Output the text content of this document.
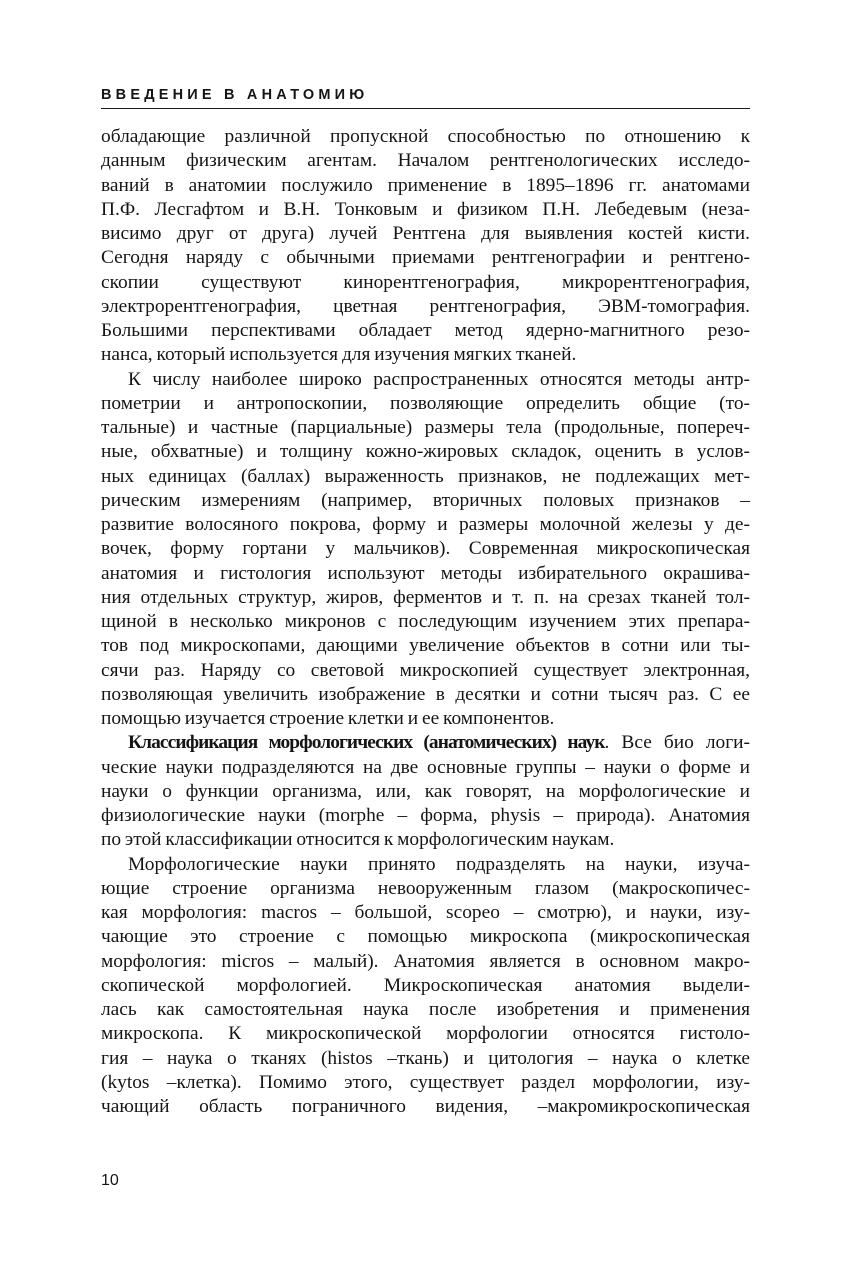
ВВЕДЕНИЕ В АНАТОМИЮ
обладающие различной пропускной способностью по отношению к
данным физическим агентам. Началом рентгенологических исследо-
ваний в анатомии послужило применение в 1895–1896 гг. анатомами
П.Ф. Лесгафтом и В.Н. Тонковым и физиком П.Н. Лебедевым (неза-
висимо друг от друга) лучей Рентгена для выявления костей кисти.
Сегодня наряду с обычными приемами рентгенографии и рентгено-
скопии существуют кинорентгенография, микрорентгенография,
электрорентгенография, цветная рентгенография, ЭВМ-томография.
Большими перспективами обладает метод ядерно-магнитного резо-
нанса, который используется для изучения мягких тканей.
К числу наиболее широко распространенных относятся методы антр-
пометрии и антропоскопии, позволяющие определить общие (то-
тальные) и частные (парциальные) размеры тела (продольные, попереч-
ные, обхватные) и толщину кожно-жировых складок, оценить в услов-
ных единицах (баллах) выраженность признаков, не подлежащих мет-
рическим измерениям (например, вторичных половых признаков –
развитие волосяного покрова, форму и размеры молочной железы у де-
вочек, форму гортани у мальчиков). Современная микроскопическая
анатомия и гистология используют методы избирательного окрашива-
ния отдельных структур, жиров, ферментов и т. п. на срезах тканей тол-
щиной в несколько микронов с последующим изучением этих препара-
тов под микроскопами, дающими увеличение объектов в сотни или ты-
сячи раз. Наряду со световой микроскопией существует электронная,
позволяющая увеличить изображение в десятки и сотни тысяч раз. С ее
помощью изучается строение клетки и ее компонентов.
Классификация морфологических (анатомических) наук. Все био логи-
ческие науки подразделяются на две основные группы – науки о форме и
науки о функции организма, или, как говорят, на морфологические и
физиологические науки (morphe – форма, physis – природа). Анатомия
по этой классификации относится к морфологическим наукам.
Морфологические науки принято подразделять на науки, изуча-
ющие строение организма невооруженным глазом (макроскопичес-
кая морфология: macros – большой, scopeo – смотрю), и науки, изу-
чающие это строение с помощью микроскопа (микроскопическая
морфология: micros – малый). Анатомия является в основном макро-
скопической морфологией. Микроскопическая анатомия выдели-
лась как самостоятельная наука после изобретения и применения
микроскопа. К микроскопической морфологии относятся гистоло-
гия – наука о тканях (histos –ткань) и цитология – наука о клетке
(kytos –клетка). Помимо этого, существует раздел морфологии, изу-
чающий область пограничного видения, –макромикроскопическая
10
